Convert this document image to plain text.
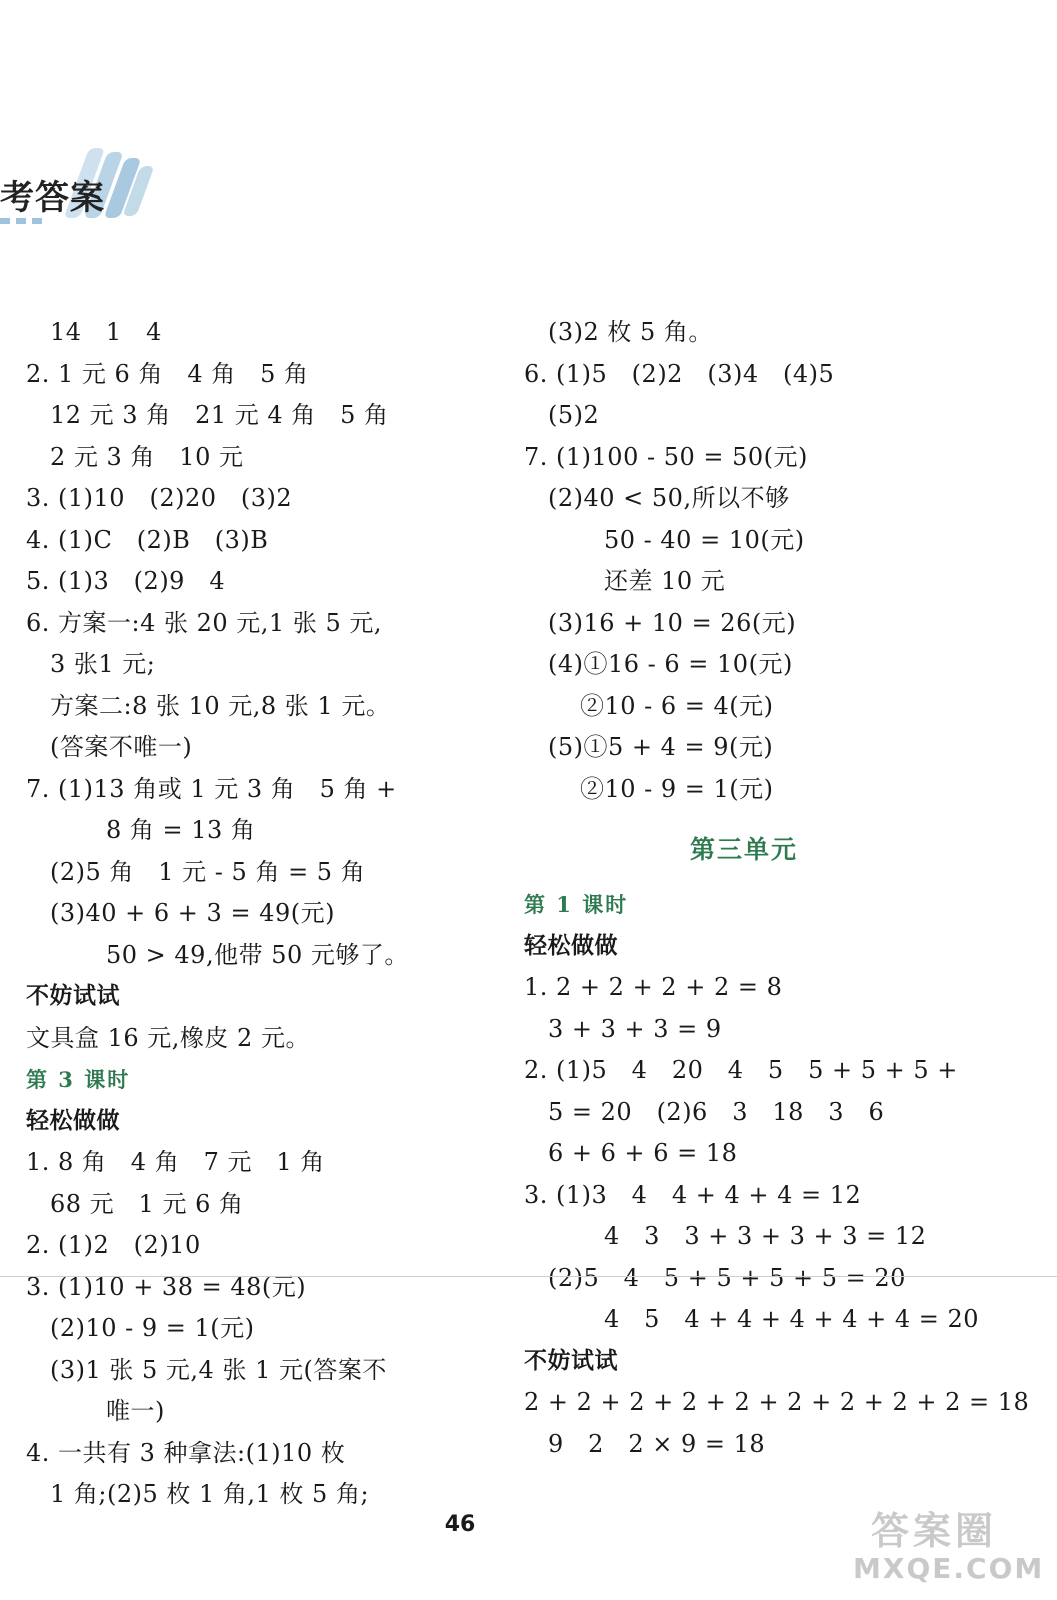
考答案
14   1   4
2. 1 元 6 角   4 角   5 角
12 元 3 角   21 元 4 角   5 角
2 元 3 角   10 元
3. (1)10   (2)20   (3)2
4. (1)C   (2)B   (3)B
5. (1)3   (2)9   4
6. 方案一:4 张 20 元,1 张 5 元,
3 张1 元;
方案二:8 张 10 元,8 张 1 元。
(答案不唯一)
7. (1)13 角或 1 元 3 角   5 角 +
8 角 = 13 角
(2)5 角   1 元 - 5 角 = 5 角
(3)40 + 6 + 3 = 49(元)
50 > 49,他带 50 元够了。
不妨试试
文具盒 16 元,橡皮 2 元。
第 3 课时
轻松做做
1. 8 角   4 角   7 元   1 角
68 元   1 元 6 角
2. (1)2   (2)10
3. (1)10 + 38 = 48(元)
(2)10 - 9 = 1(元)
(3)1 张 5 元,4 张 1 元(答案不
唯一)
4. 一共有 3 种拿法:(1)10 枚
1 角;(2)5 枚 1 角,1 枚 5 角;
(3)2 枚 5 角。
6. (1)5   (2)2   (3)4   (4)5
(5)2
7. (1)100 - 50 = 50(元)
(2)40 < 50,所以不够
50 - 40 = 10(元)
还差 10 元
(3)16 + 10 = 26(元)
(4)①16 - 6 = 10(元)
②10 - 6 = 4(元)
(5)①5 + 4 = 9(元)
②10 - 9 = 1(元)
第三单元
第 1 课时
轻松做做
1. 2 + 2 + 2 + 2 = 8
3 + 3 + 3 = 9
2. (1)5   4   20   4   5   5 + 5 + 5 +
5 = 20   (2)6   3   18   3   6
6 + 6 + 6 = 18
3. (1)3   4   4 + 4 + 4 = 12
4   3   3 + 3 + 3 + 3 = 12
(2)5   4   5 + 5 + 5 + 5 = 20
4   5   4 + 4 + 4 + 4 + 4 = 20
不妨试试
2 + 2 + 2 + 2 + 2 + 2 + 2 + 2 + 2 = 18
9   2   2 × 9 = 18
46	答案圈
MXQE.COM
